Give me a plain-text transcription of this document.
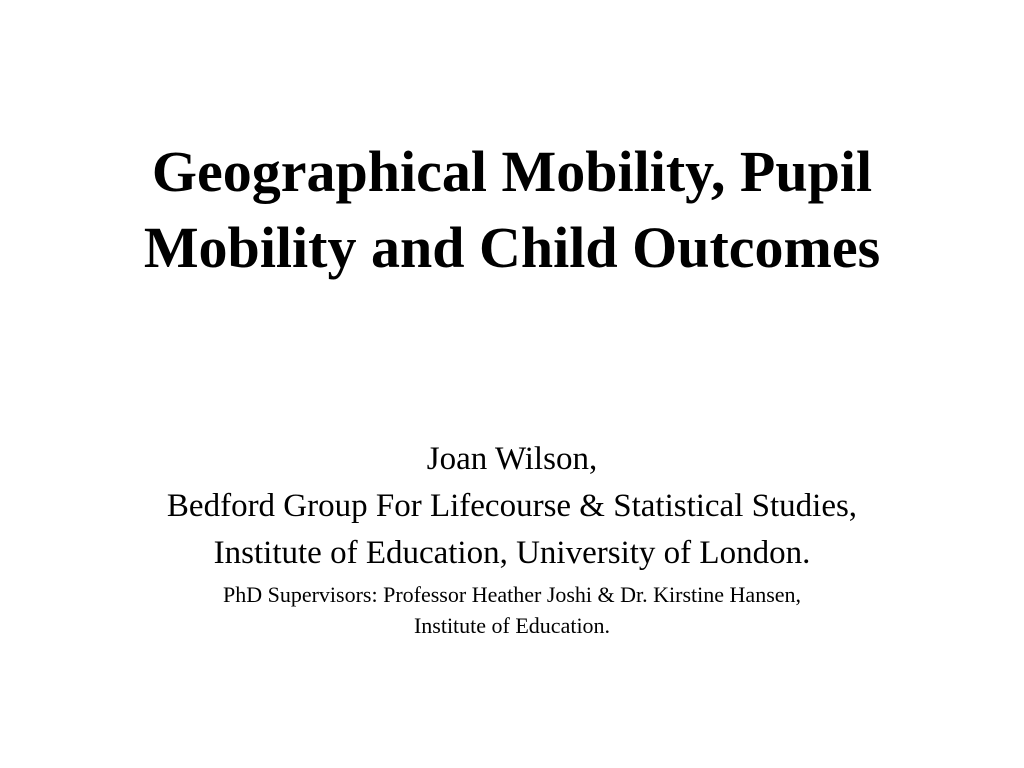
Geographical Mobility, Pupil
Mobility and Child Outcomes
Joan Wilson,
Bedford Group For Lifecourse & Statistical Studies,
Institute of Education, University of London.
PhD Supervisors: Professor Heather Joshi & Dr. Kirstine Hansen,
Institute of Education.
